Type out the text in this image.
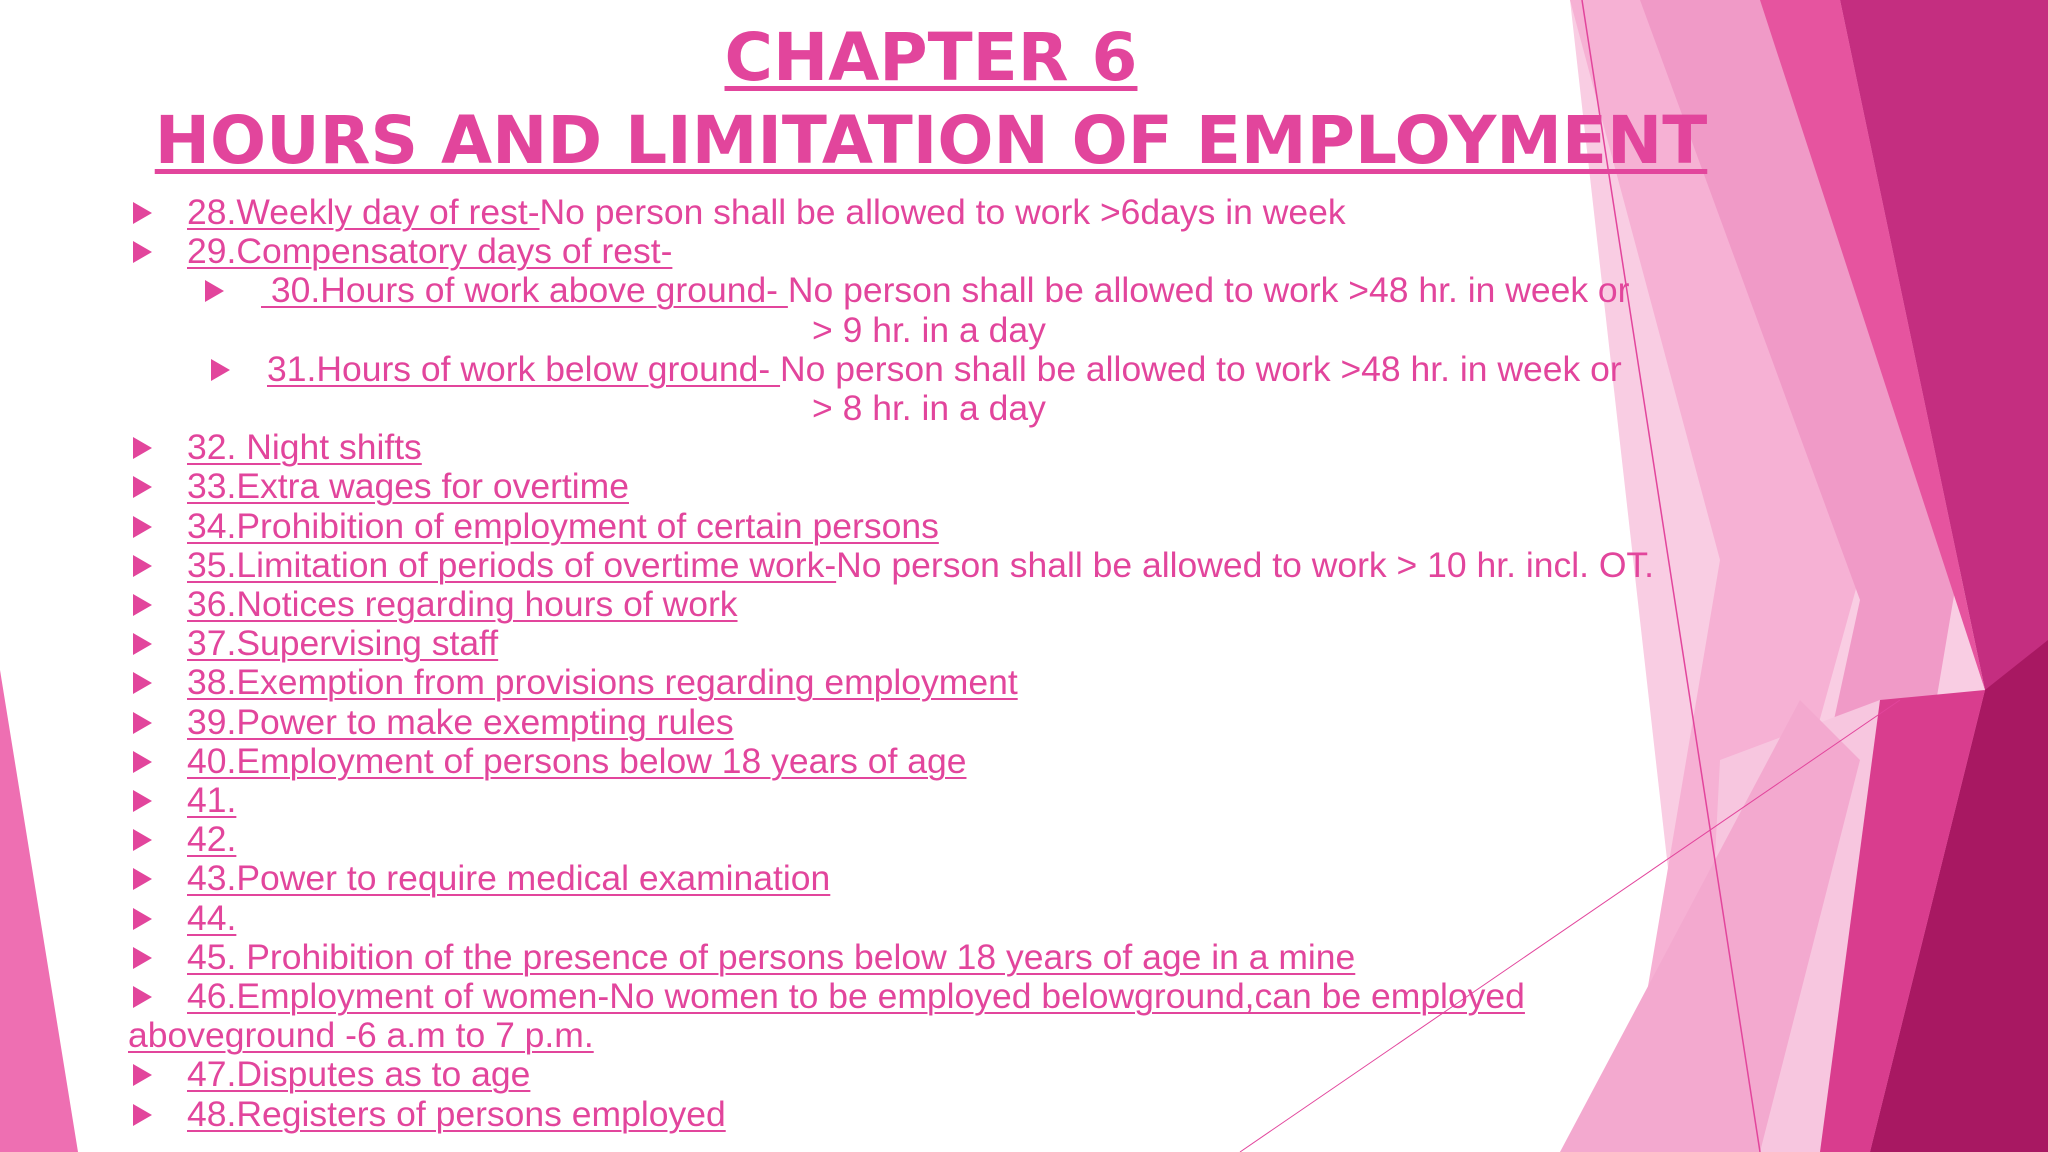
CHAPTER 6
HOURS AND LIMITATION OF EMPLOYMENT
28.Weekly day of rest-No person shall be allowed to work >6days in week
29.Compensatory days of rest-
30.Hours of work above ground- No person shall be allowed to work >48 hr. in week or
> 9 hr. in a day
31.Hours of work below ground- No person shall be allowed to work >48 hr. in week or
> 8 hr. in a day
32. Night shifts
33.Extra wages for overtime
34.Prohibition of employment of certain persons
35.Limitation of periods of overtime work-No person shall be allowed to work > 10 hr. incl. OT.
36.Notices regarding hours of work
37.Supervising staff
38.Exemption from provisions regarding employment
39.Power to make exempting rules
40.Employment of persons below 18 years of age
41.
42.
43.Power to require medical examination
44.
45. Prohibition of the presence of persons below 18 years of age in a mine
46.Employment of women-No women to be employed belowground,can be employed aboveground -6 a.m to 7 p.m.
47.Disputes as to age
48.Registers of persons employed
